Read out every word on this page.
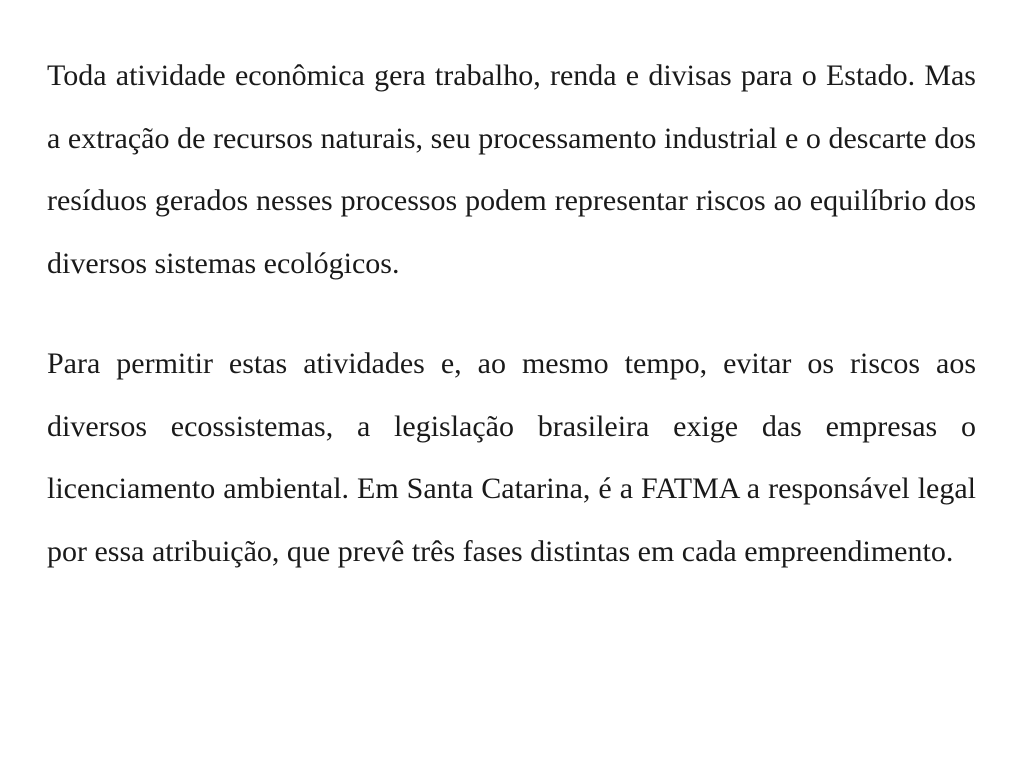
Toda atividade econômica gera trabalho, renda e divisas para o Estado. Mas a extração de recursos naturais, seu processamento industrial e o descarte dos resíduos gerados nesses processos podem representar riscos ao equilíbrio dos diversos sistemas ecológicos.

Para permitir estas atividades e, ao mesmo tempo, evitar os riscos aos diversos ecossistemas, a legislação brasileira exige das empresas o licenciamento ambiental. Em Santa Catarina, é a FATMA a responsável legal por essa atribuição, que prevê três fases distintas em cada empreendimento.
